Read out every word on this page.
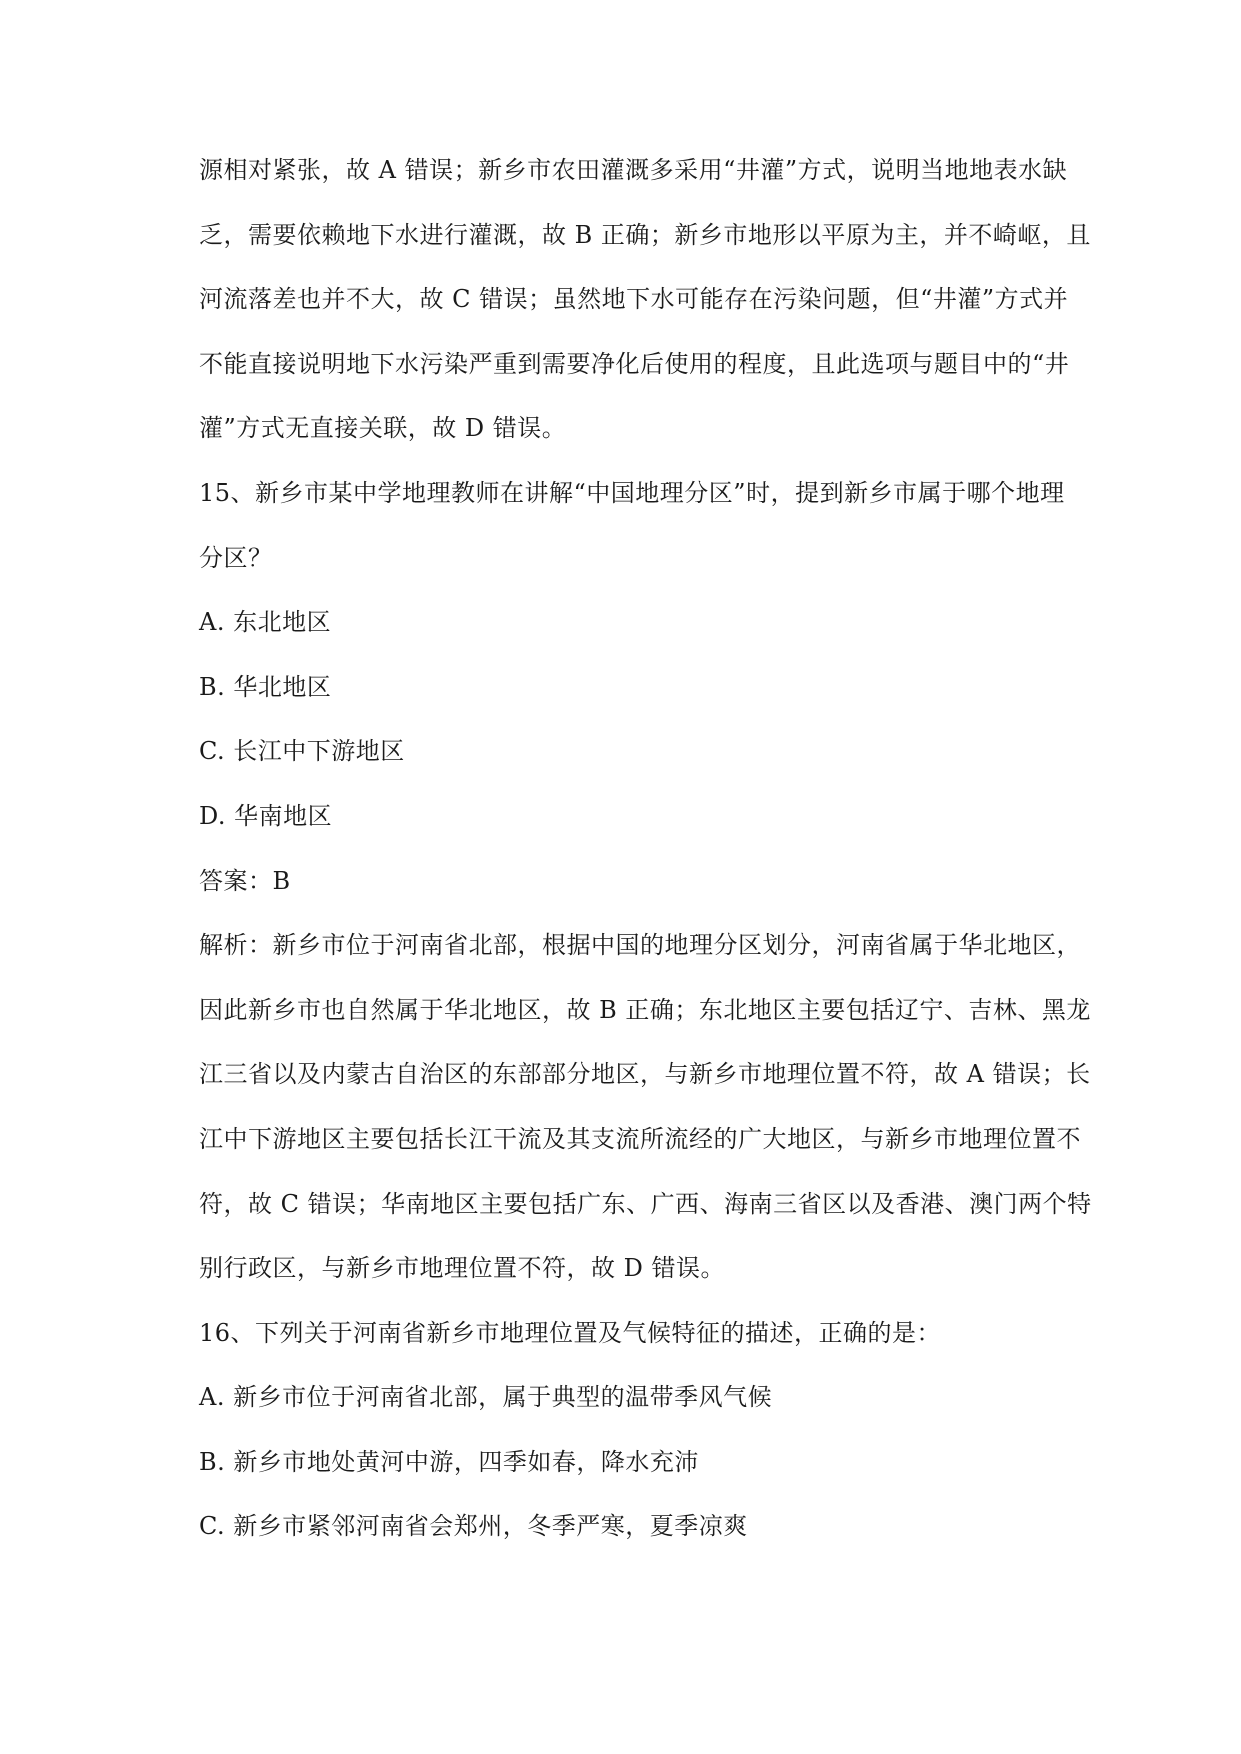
源相对紧张，故 A 错误；新乡市农田灌溉多采用“井灌”方式，说明当地地表水缺
乏，需要依赖地下水进行灌溉，故 B 正确；新乡市地形以平原为主，并不崎岖，且
河流落差也并不大，故 C 错误；虽然地下水可能存在污染问题，但“井灌”方式并
不能直接说明地下水污染严重到需要净化后使用的程度，且此选项与题目中的“井
灌”方式无直接关联，故 D 错误。
15、新乡市某中学地理教师在讲解“中国地理分区”时，提到新乡市属于哪个地理
分区？
A. 东北地区
B. 华北地区
C. 长江中下游地区
D. 华南地区
答案：B
解析：新乡市位于河南省北部，根据中国的地理分区划分，河南省属于华北地区，
因此新乡市也自然属于华北地区，故 B 正确；东北地区主要包括辽宁、吉林、黑龙
江三省以及内蒙古自治区的东部部分地区，与新乡市地理位置不符，故 A 错误；长
江中下游地区主要包括长江干流及其支流所流经的广大地区，与新乡市地理位置不
符，故 C 错误；华南地区主要包括广东、广西、海南三省区以及香港、澳门两个特
别行政区，与新乡市地理位置不符，故 D 错误。
16、下列关于河南省新乡市地理位置及气候特征的描述，正确的是：
A. 新乡市位于河南省北部，属于典型的温带季风气候
B. 新乡市地处黄河中游，四季如春，降水充沛
C. 新乡市紧邻河南省会郑州，冬季严寒，夏季凉爽
